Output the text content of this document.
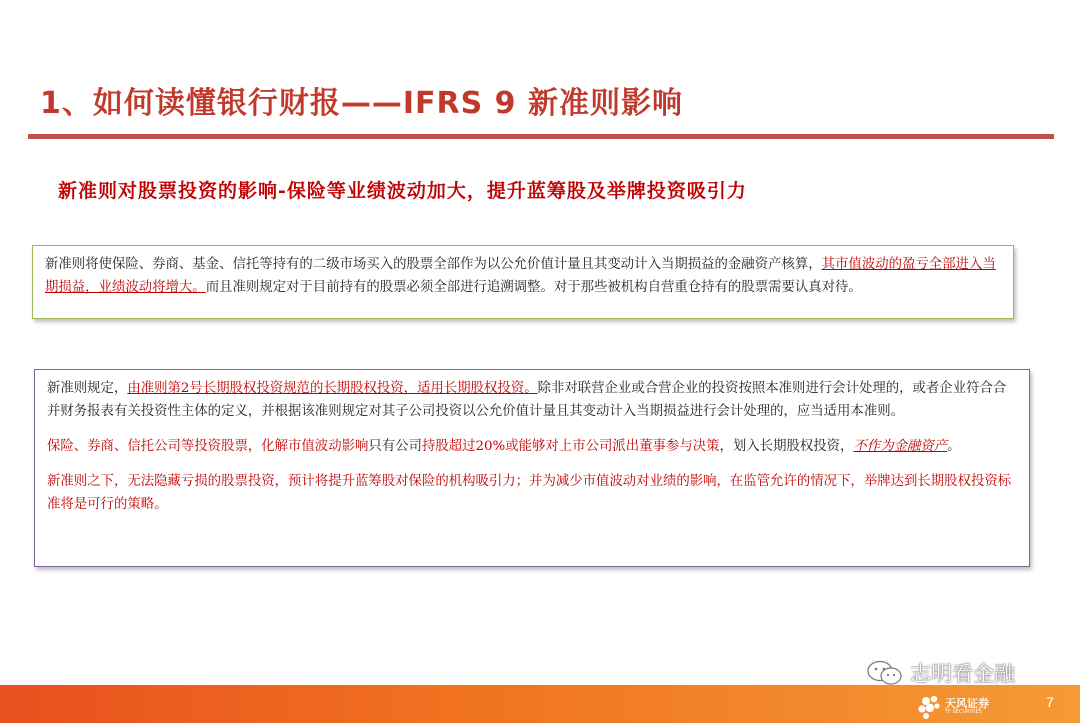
1、如何读懂银行财报——IFRS 9 新准则影响
新准则对股票投资的影响-保险等业绩波动加大，提升蓝筹股及举牌投资吸引力

新准则将使保险、券商、基金、信托等持有的二级市场买入的股票全部作为以公允价值计量且其变动计入当期损益的金融资产核算，其市值波动的盈亏全部进入当期损益，业绩波动将增大。而且准则规定对于目前持有的股票必须全部进行追溯调整。对于那些被机构自营重仓持有的股票需要认真对待。

新准则规定，由准则第2号长期股权投资规范的长期股权投资，适用长期股权投资。除非对联营企业或合营企业的投资按照本准则进行会计处理的，或者企业符合合并财务报表有关投资性主体的定义，并根据该准则规定对其子公司投资以公允价值计量且其变动计入当期损益进行会计处理的，应当适用本准则。

保险、券商、信托公司等投资股票，化解市值波动影响只有公司持股超过20%或能够对上市公司派出董事参与决策，划入长期股权投资，不作为金融资产。

新准则之下，无法隐藏亏损的股票投资，预计将提升蓝筹股对保险的机构吸引力；并为减少市值波动对业绩的影响，在监管允许的情况下，举牌达到长期股权投资标准将是可行的策略。

天风证券
TF SECURITIES
志明看金融
7
